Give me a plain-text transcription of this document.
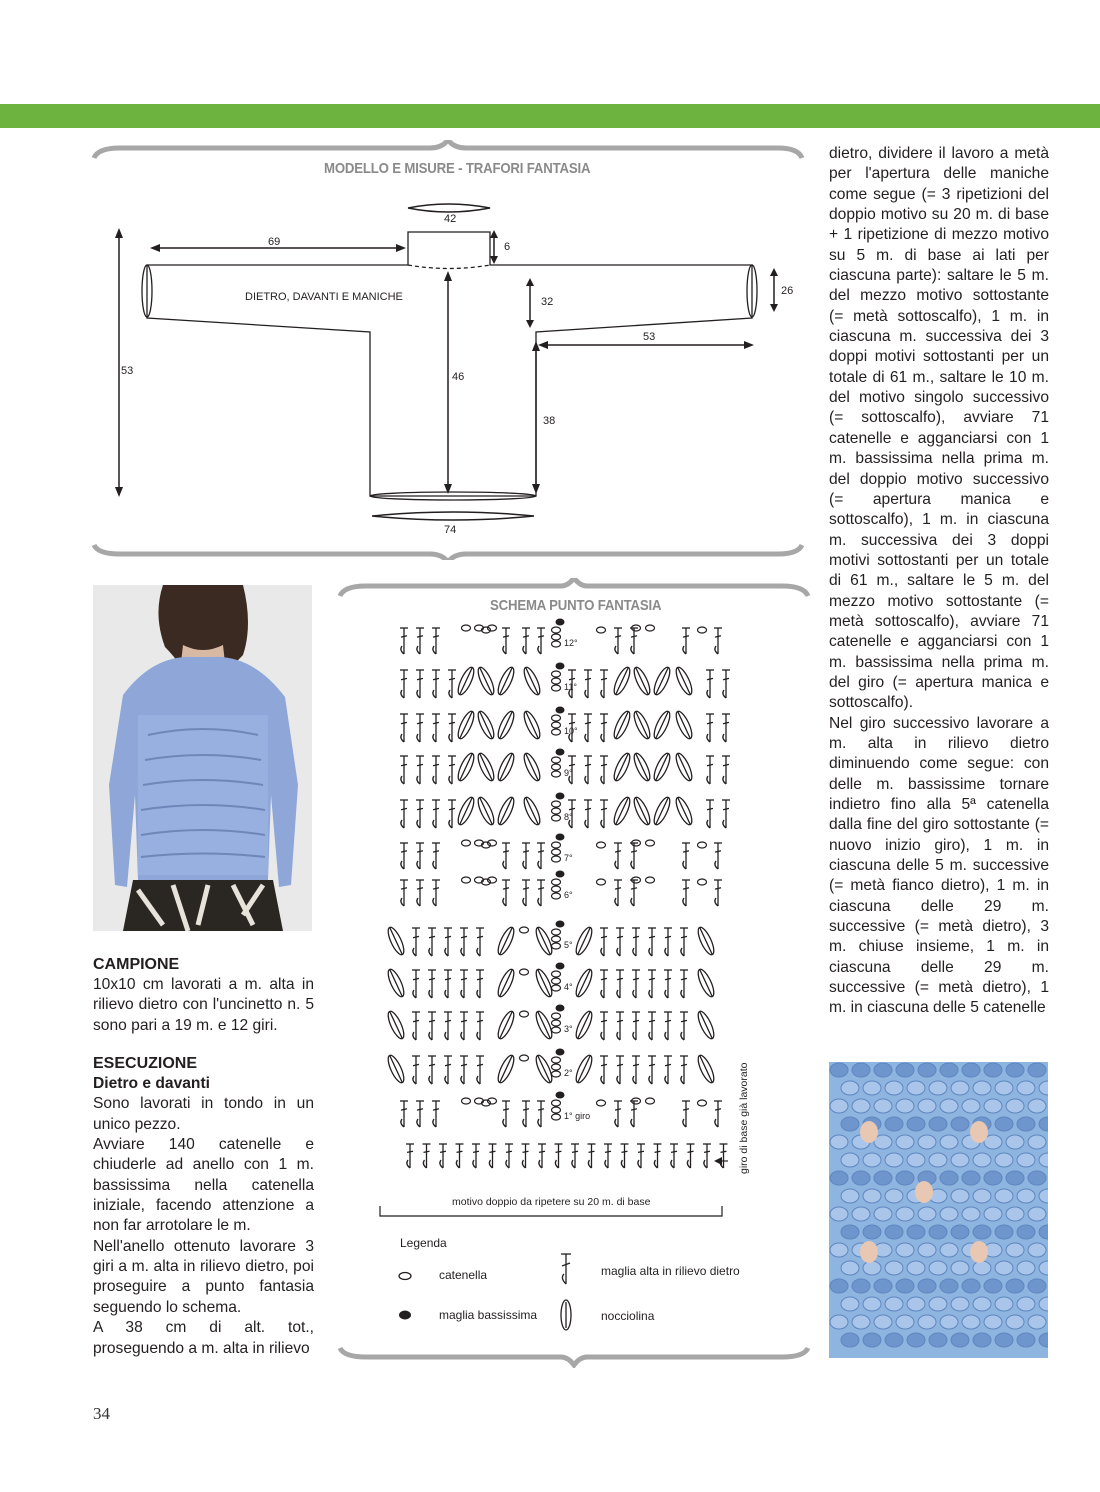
42
69	6
26
32
53
53	46
38
74
DIETRO, DAVANTI E MANICHE
MODELLO E MISURE - TRAFORI FANTASIA

dietro, dividere il lavoro a metà per l'apertura delle maniche come segue (= 3 ripetizioni del doppio motivo su 20 m. di base + 1 ripetizione di mezzo motivo su 5 m. di base ai lati per ciascuna parte): saltare le 5 m. del mezzo motivo sottostante (= metà sottoscalfo), 1 m. in ciascuna m. successiva dei 3 doppi motivi sottostanti per un totale di 61 m., saltare le 10 m. del motivo singolo successivo (= sottoscalfo), avviare 71 catenelle e agganciarsi con 1 m. bassissima nella prima m. del doppio motivo successivo (= apertura manica e sottoscalfo), 1 m. in ciascuna m. successiva dei 3 doppi motivi sottostanti per un totale di 61 m., saltare le 5 m. del mezzo motivo sottostante (= metà sottoscalfo), avviare 71 catenelle e agganciarsi con 1 m. bassissima nella prima m. del giro (= apertura manica e sottoscalfo).

Nel giro successivo lavorare a m. alta in rilievo dietro diminuendo come segue: con delle m. bassissime tornare indietro fino alla 5ª catenella dalla fine del giro sottostante (= nuovo inizio giro), 1 m. in ciascuna delle 5 m. successive (= metà fianco dietro), 1 m. in ciascuna delle 29 m. successive (= metà dietro), 3 m. chiuse insieme, 1 m. in ciascuna delle 29 m. successive (= metà dietro), 1 m. in ciascuna delle 5 catenelle

CAMPIONE

10x10 cm lavorati a m. alta in rilievo dietro con l'uncinetto n. 5 sono pari a 19 m. e 12 giri.

ESECUZIONE
Dietro e davanti

Sono lavorati in tondo in un unico pezzo.

Avviare 140 catenelle e chiuderle ad anello con 1 m. bassissima nella catenella iniziale, facendo attenzione a non far arrotolare le m.

Nell'anello ottenuto lavorare 3 giri a m. alta in rilievo dietro, poi proseguire a punto fantasia seguendo lo schema.

A 38 cm di alt. tot., proseguendo a m. alta in rilievo

12°
11°
10°
9°
8°
7°
6°
5°
4°
3°
2°
1° giro
SCHEMA PUNTO FANTASIA
giro di base già lavorato
motivo doppio da ripetere su 20 m. di base
Legenda
catenella
maglia bassissima
maglia alta in rilievo dietro
nocciolina
34
